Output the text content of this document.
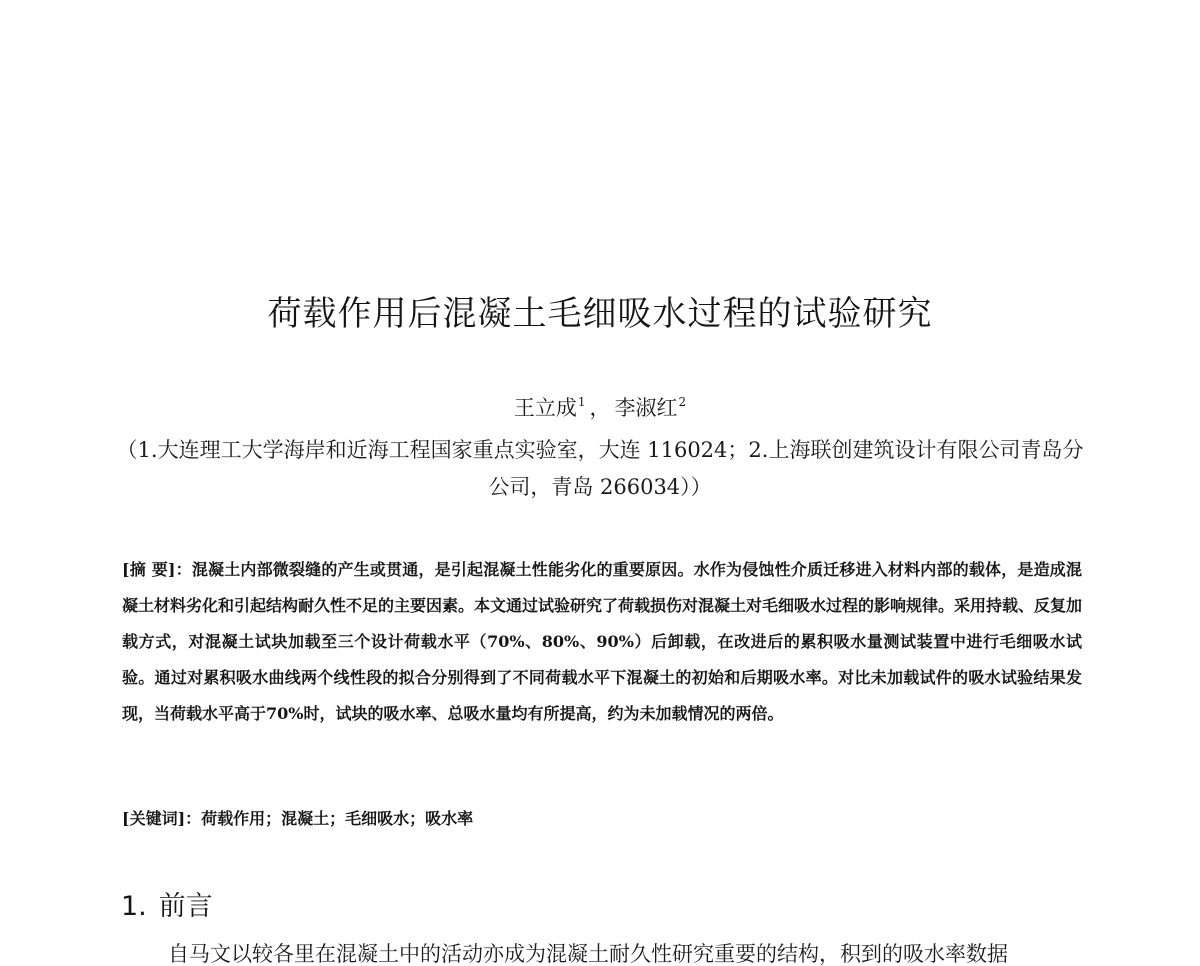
荷载作用后混凝土毛细吸水过程的试验研究
王立成$^1$ ， 李淑红$^2$
（1.大连理工大学海岸和近海工程国家重点实验室，大连 116024；2.上海联创建筑设计有限公司青岛分公司，青岛 266034））
[摘 要]：混凝土内部微裂缝的产生或贯通，是引起混凝土性能劣化的重要原因。水作为侵蚀性介质迁移进入材料内部的载体，是造成混凝土材料劣化和引起结构耐久性不足的主要因素。本文通过试验研究了荷载损伤对混凝土对毛细吸水过程的影响规律。采用持载、反复加载方式，对混凝土试块加载至三个设计荷载水平（70%、80%、90%）后卸载，在改进后的累积吸水量测试装置中进行毛细吸水试验。通过对累积吸水曲线两个线性段的拟合分别得到了不同荷载水平下混凝土的初始和后期吸水率。对比未加载试件的吸水试验结果发现，当荷载水平高于70%时，试块的吸水率、总吸水量均有所提高，约为未加载情况的两倍。
[关键词]：荷载作用；混凝土；毛细吸水；吸水率
1. 前言
自马文以较各里在混凝土中的活动亦成为混凝土耐久性研究重要的结构，积到的吸水率数据
